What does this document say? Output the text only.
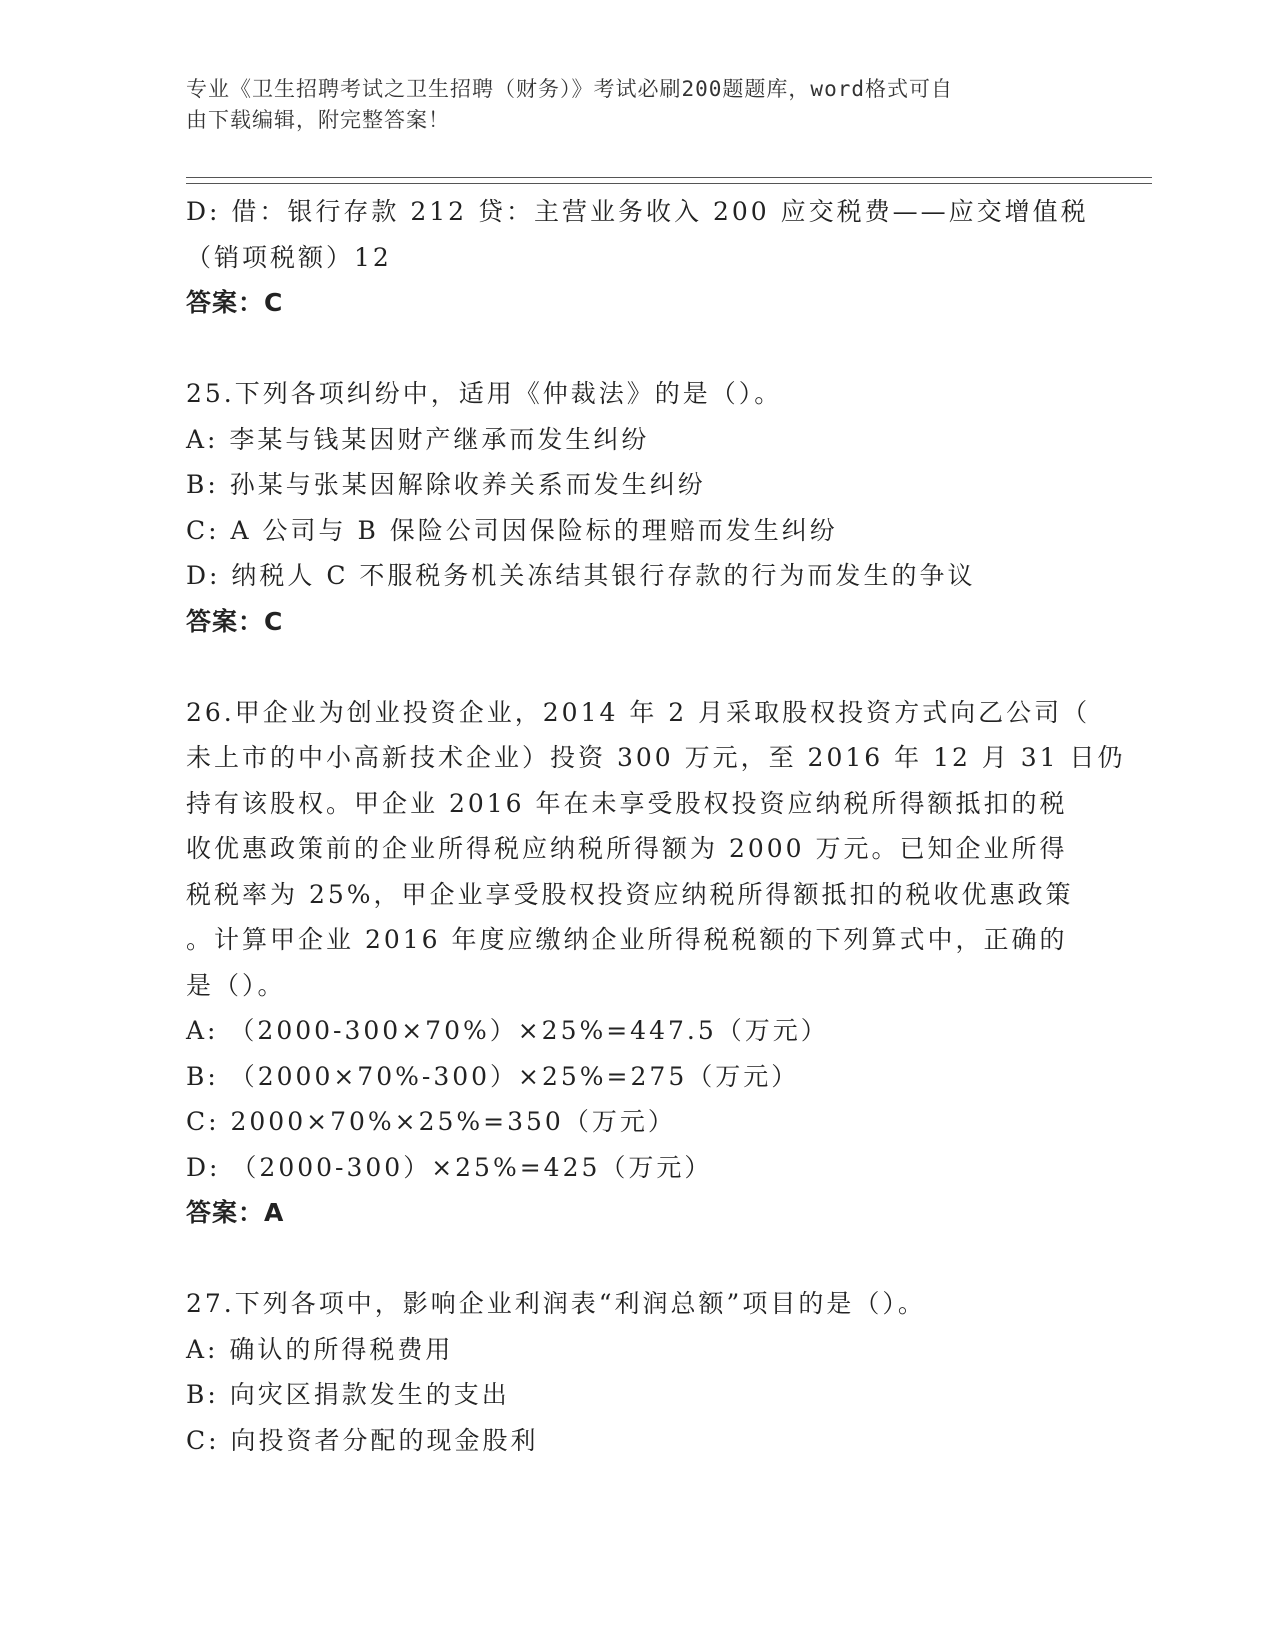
专业《卫生招聘考试之卫生招聘（财务）》考试必刷200题题库，word格式可自
由下载编辑，附完整答案！
D: 借：银行存款 212 贷：主营业务收入 200 应交税费——应交增值税
（销项税额）12
答案：C
25.下列各项纠纷中，适用《仲裁法》的是（）。
A: 李某与钱某因财产继承而发生纠纷
B: 孙某与张某因解除收养关系而发生纠纷
C: A 公司与 B 保险公司因保险标的理赔而发生纠纷
D: 纳税人 C 不服税务机关冻结其银行存款的行为而发生的争议
答案：C
26.甲企业为创业投资企业，2014 年 2 月采取股权投资方式向乙公司（
未上市的中小高新技术企业）投资 300 万元，至 2016 年 12 月 31 日仍
持有该股权。甲企业 2016 年在未享受股权投资应纳税所得额抵扣的税
收优惠政策前的企业所得税应纳税所得额为 2000 万元。已知企业所得
税税率为 25%，甲企业享受股权投资应纳税所得额抵扣的税收优惠政策
。计算甲企业 2016 年度应缴纳企业所得税税额的下列算式中，正确的
是（）。
A: （2000-300×70%）×25%=447.5（万元）
B: （2000×70%-300）×25%=275（万元）
C: 2000×70%×25%=350（万元）
D: （2000-300）×25%=425（万元）
答案：A
27.下列各项中，影响企业利润表“利润总额”项目的是（）。
A: 确认的所得税费用
B: 向灾区捐款发生的支出
C: 向投资者分配的现金股利
